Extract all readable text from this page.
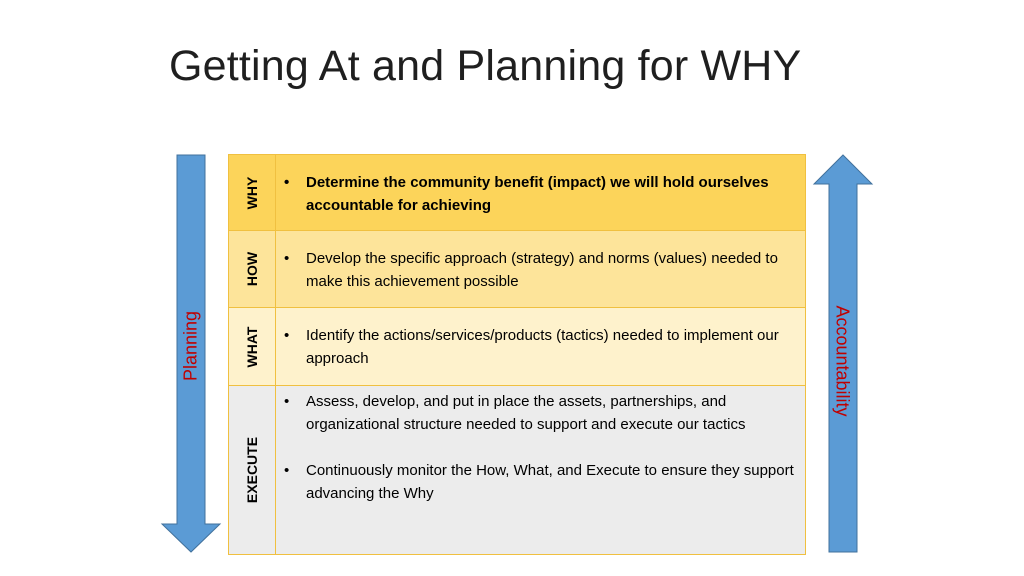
Getting At and Planning for WHY
Planning	Accountability
WHY	• Determine the community benefit (impact) we will hold ourselves accountable for achieving
HOW	• Develop the specific approach (strategy) and norms (values) needed to make this achievement possible
WHAT	• Identify the actions/services/products (tactics) needed to implement our approach
EXECUTE
• Assess, develop, and put in place the assets, partnerships, and organizational structure needed to support and execute our tactics
• Continuously monitor the How, What, and Execute to ensure they support advancing the Why
